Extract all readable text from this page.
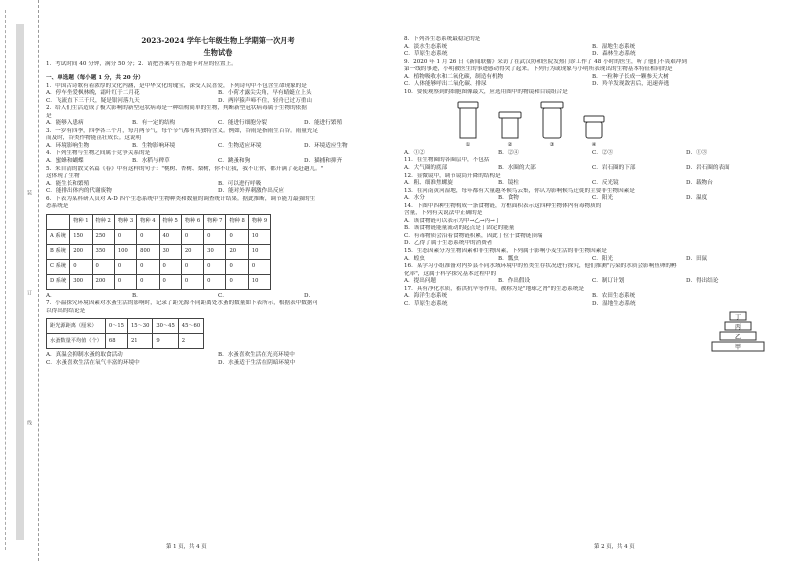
装
订
线
2023-2024 学年七年级生物上学期第一次月考
生物试卷
1．考试时间 40 分钟，满分 50 分；2．请把答案写在答题卡对应的位置上。
一、单选题（每小题 1 分，共 20 分）
1．中国古诗歌有着浓厚的文化内涵，是中华文化的瑰宝，深受人民喜爱，下列诗句中不包含生命现象的是
A．停车坐爱枫林晚，霜叶红于二月花	B．小荷才露尖尖角，早有蜻蜓立上头
C．飞流直下三千尺，疑是银河落九天	D．两岸猿声啼不住，轻舟已过万重山
2．给人们生活造成了极大影响的新型冠状病毒是一种结构简单的生物，判断新型冠状病毒属于生物的依据
是
A．能够入患病	B．有一定的结构	C．能进行细胞分裂	D．能进行繁殖
3．一岁有四季，四季各三个月，每月两节气，每个节气都有其独特含义。例如，谷雨是指雨生百谷。雨量充足
而及时，谷类作物能茁壮成长。这说明
A．环境影响生物	B．生物影响环境	C．生物适应环境	D．环境适应生物
4．下列生物与生物之间属于竞争关系的是
A．蜜蜂和蝴蝶	B．水稻与稗草	C．跳蚤和狗	D．猫捕和抑齐
5．朱自清的散文名篇《春》中有这样的句子："桃树、杏树、梨树，你不让我，我不让你，都开满了花赶趟儿。"
这体现了生物
A．能生长和繁殖	B．可以进行呼吸
C．能排出体内的代谢废物	D．能对外界刺激作出反应
6．下表为某科研人员对 A-D 四个生态系统中生物种类和数量的调查统计结果。据此推断，调节能力最强的生
态系统是
	物种 1	物种 2	物种 3	物种 4	物种 5	物种 6	物种 7	物种 8	物种 9
A 系统	150	250	0	0	40	0	0	0	10
B 系统	200	350	100	800	30	20	30	20	10
C 系统	0	0	0	0	0	0	0	0	0
D 系统	300	200	0	0	0	0	0	0	10
A．	B．	C．	D．
7．小温探究环境因素对水蚤生活的影响时，记录了距光源不同距离处水蚤的数量如下表所示，根据表中数据可
以得出的结论是
距光源距离（厘米）	0～15	15～30	30～45	45～60
水蚤数量平均值（个）	68	21	9	2
A．真温会抑制水蚤的取食活动	B．水蚤喜欢生活在光亮环境中
C．水蚤喜欢生活在氧气丰富的环境中	D．水蚤适于生活在阴暗环境中
第 1 页，共 4 页
8．下列各生态系统最稳定的是
A．淡水生态系统	B．湿地生态系统
C．草原生态系统	D．森林生态系统
9．2020 年 1 月 26 日《新闻联播》采访了在武汉协和医院发热门诊工作了 48 小时的医生，听了他们不畏艰冲到
第一线的事迹，小明被医生的事迹感动得哭了起来。下列行为或现象与小明所表现出的生物基本特征相同的是
A．植物吸收水和二氧化碳，制造有机物	B．一粒种子长成一颗参天大树
C．人体能够呼出二氧化碳、排尿	D．羚羊发现敌害后，迅速奔逃
10．要使观察到的细胞图像最大，应选用图中的物镜和目镜组合是
①	②	③	④
A．①②	B．②④	C．②③	D．①③
11．在生物圈的各圈层中，不包括
A．大气圈的底部	B．水圈的大部	C．岩石圈的下部	D．岩石圈的表面
12．显微镜中，调节镜筒升降的结构是
A．粗、细准焦螺旋	B．镜柱	C．反光镜	D．载物台
13．在河南黄河湿地，每年都有大量越冬候鸟云集，你认为影响候鸟迁徙的主要非生物因素是
A．水分	B．食物	C．阳光	D．温度
14．下图中四种生物构成一条食物链，方框面积表示这四种生物体内有毒物质的
含量，下列有关说法中正确的是
A．该食物链可以表示为甲→乙→丙→丁
B．该食物链能量流动的起点是丁固定的能量
C．有毒物质会沿着食物链积累，因此丁位于食物链顶端
D．乙得了属于生态系统中的消费者
15．生态因素分为生物因素和非生物因素，下列属于影响小麦生活的非生物因素是
A．蝗虫	B．瓢虫	C．阳光	D．田鼠
16．某学习小组准备对内乡县不同水域环境中的鱼类生存状况进行探究，他们推测"污染的水质会影响鱼卵的孵
化率"，这属于科学探究基本过程中的
A．提出问题	B．作出假设	C．制订计划	D．得出结论
17．具有净化水质，蓄洪抗旱等作用，被称为是"地球之肾"的生态系统是
A．海洋生态系统	B．农田生态系统
C．草原生态系统	D．湿地生态系统
丁
丙
乙
甲
第 2 页，共 4 页
